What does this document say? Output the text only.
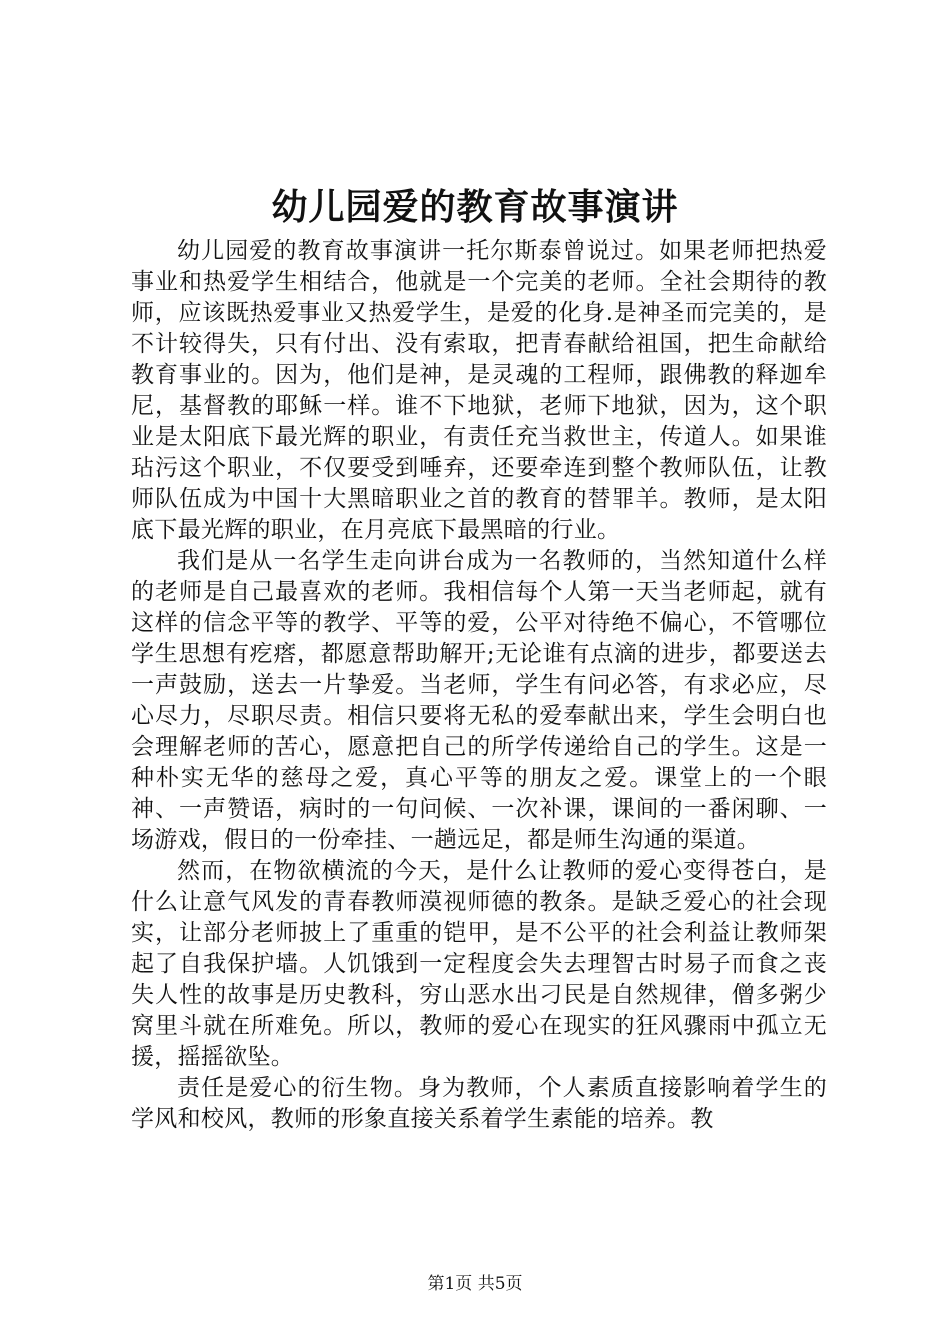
幼儿园爱的教育故事演讲

幼儿园爱的教育故事演讲一托尔斯泰曾说过。如果老师把热爱事业和热爱学生相结合，他就是一个完美的老师。全社会期待的教师，应该既热爱事业又热爱学生，是爱的化身.是神圣而完美的，是不计较得失，只有付出、没有索取，把青春献给祖国，把生命献给教育事业的。因为，他们是神，是灵魂的工程师，跟佛教的释迦牟尼，基督教的耶稣一样。谁不下地狱，老师下地狱，因为，这个职业是太阳底下最光辉的职业，有责任充当救世主，传道人。如果谁玷污这个职业，不仅要受到唾弃，还要牵连到整个教师队伍，让教师队伍成为中国十大黑暗职业之首的教育的替罪羊。教师，是太阳底下最光辉的职业，在月亮底下最黑暗的行业。

我们是从一名学生走向讲台成为一名教师的，当然知道什么样的老师是自己最喜欢的老师。我相信每个人第一天当老师起，就有这样的信念平等的教学、平等的爱，公平对待绝不偏心，不管哪位学生思想有疙瘩，都愿意帮助解开;无论谁有点滴的进步，都要送去一声鼓励，送去一片挚爱。当老师，学生有问必答，有求必应，尽心尽力，尽职尽责。相信只要将无私的爱奉献出来，学生会明白也会理解老师的苦心，愿意把自己的所学传递给自己的学生。这是一种朴实无华的慈母之爱，真心平等的朋友之爱。课堂上的一个眼神、一声赞语，病时的一句问候、一次补课，课间的一番闲聊、一场游戏，假日的一份牵挂、一趟远足，都是师生沟通的渠道。

然而，在物欲横流的今天，是什么让教师的爱心变得苍白，是什么让意气风发的青春教师漠视师德的教条。是缺乏爱心的社会现实，让部分老师披上了重重的铠甲，是不公平的社会利益让教师架起了自我保护墙。人饥饿到一定程度会失去理智古时易子而食之丧失人性的故事是历史教科，穷山恶水出刁民是自然规律，僧多粥少窝里斗就在所难免。所以，教师的爱心在现实的狂风骤雨中孤立无援，摇摇欲坠。

责任是爱心的衍生物。身为教师，个人素质直接影响着学生的学风和校风，教师的形象直接关系着学生素能的培养。教

第1页 共5页
